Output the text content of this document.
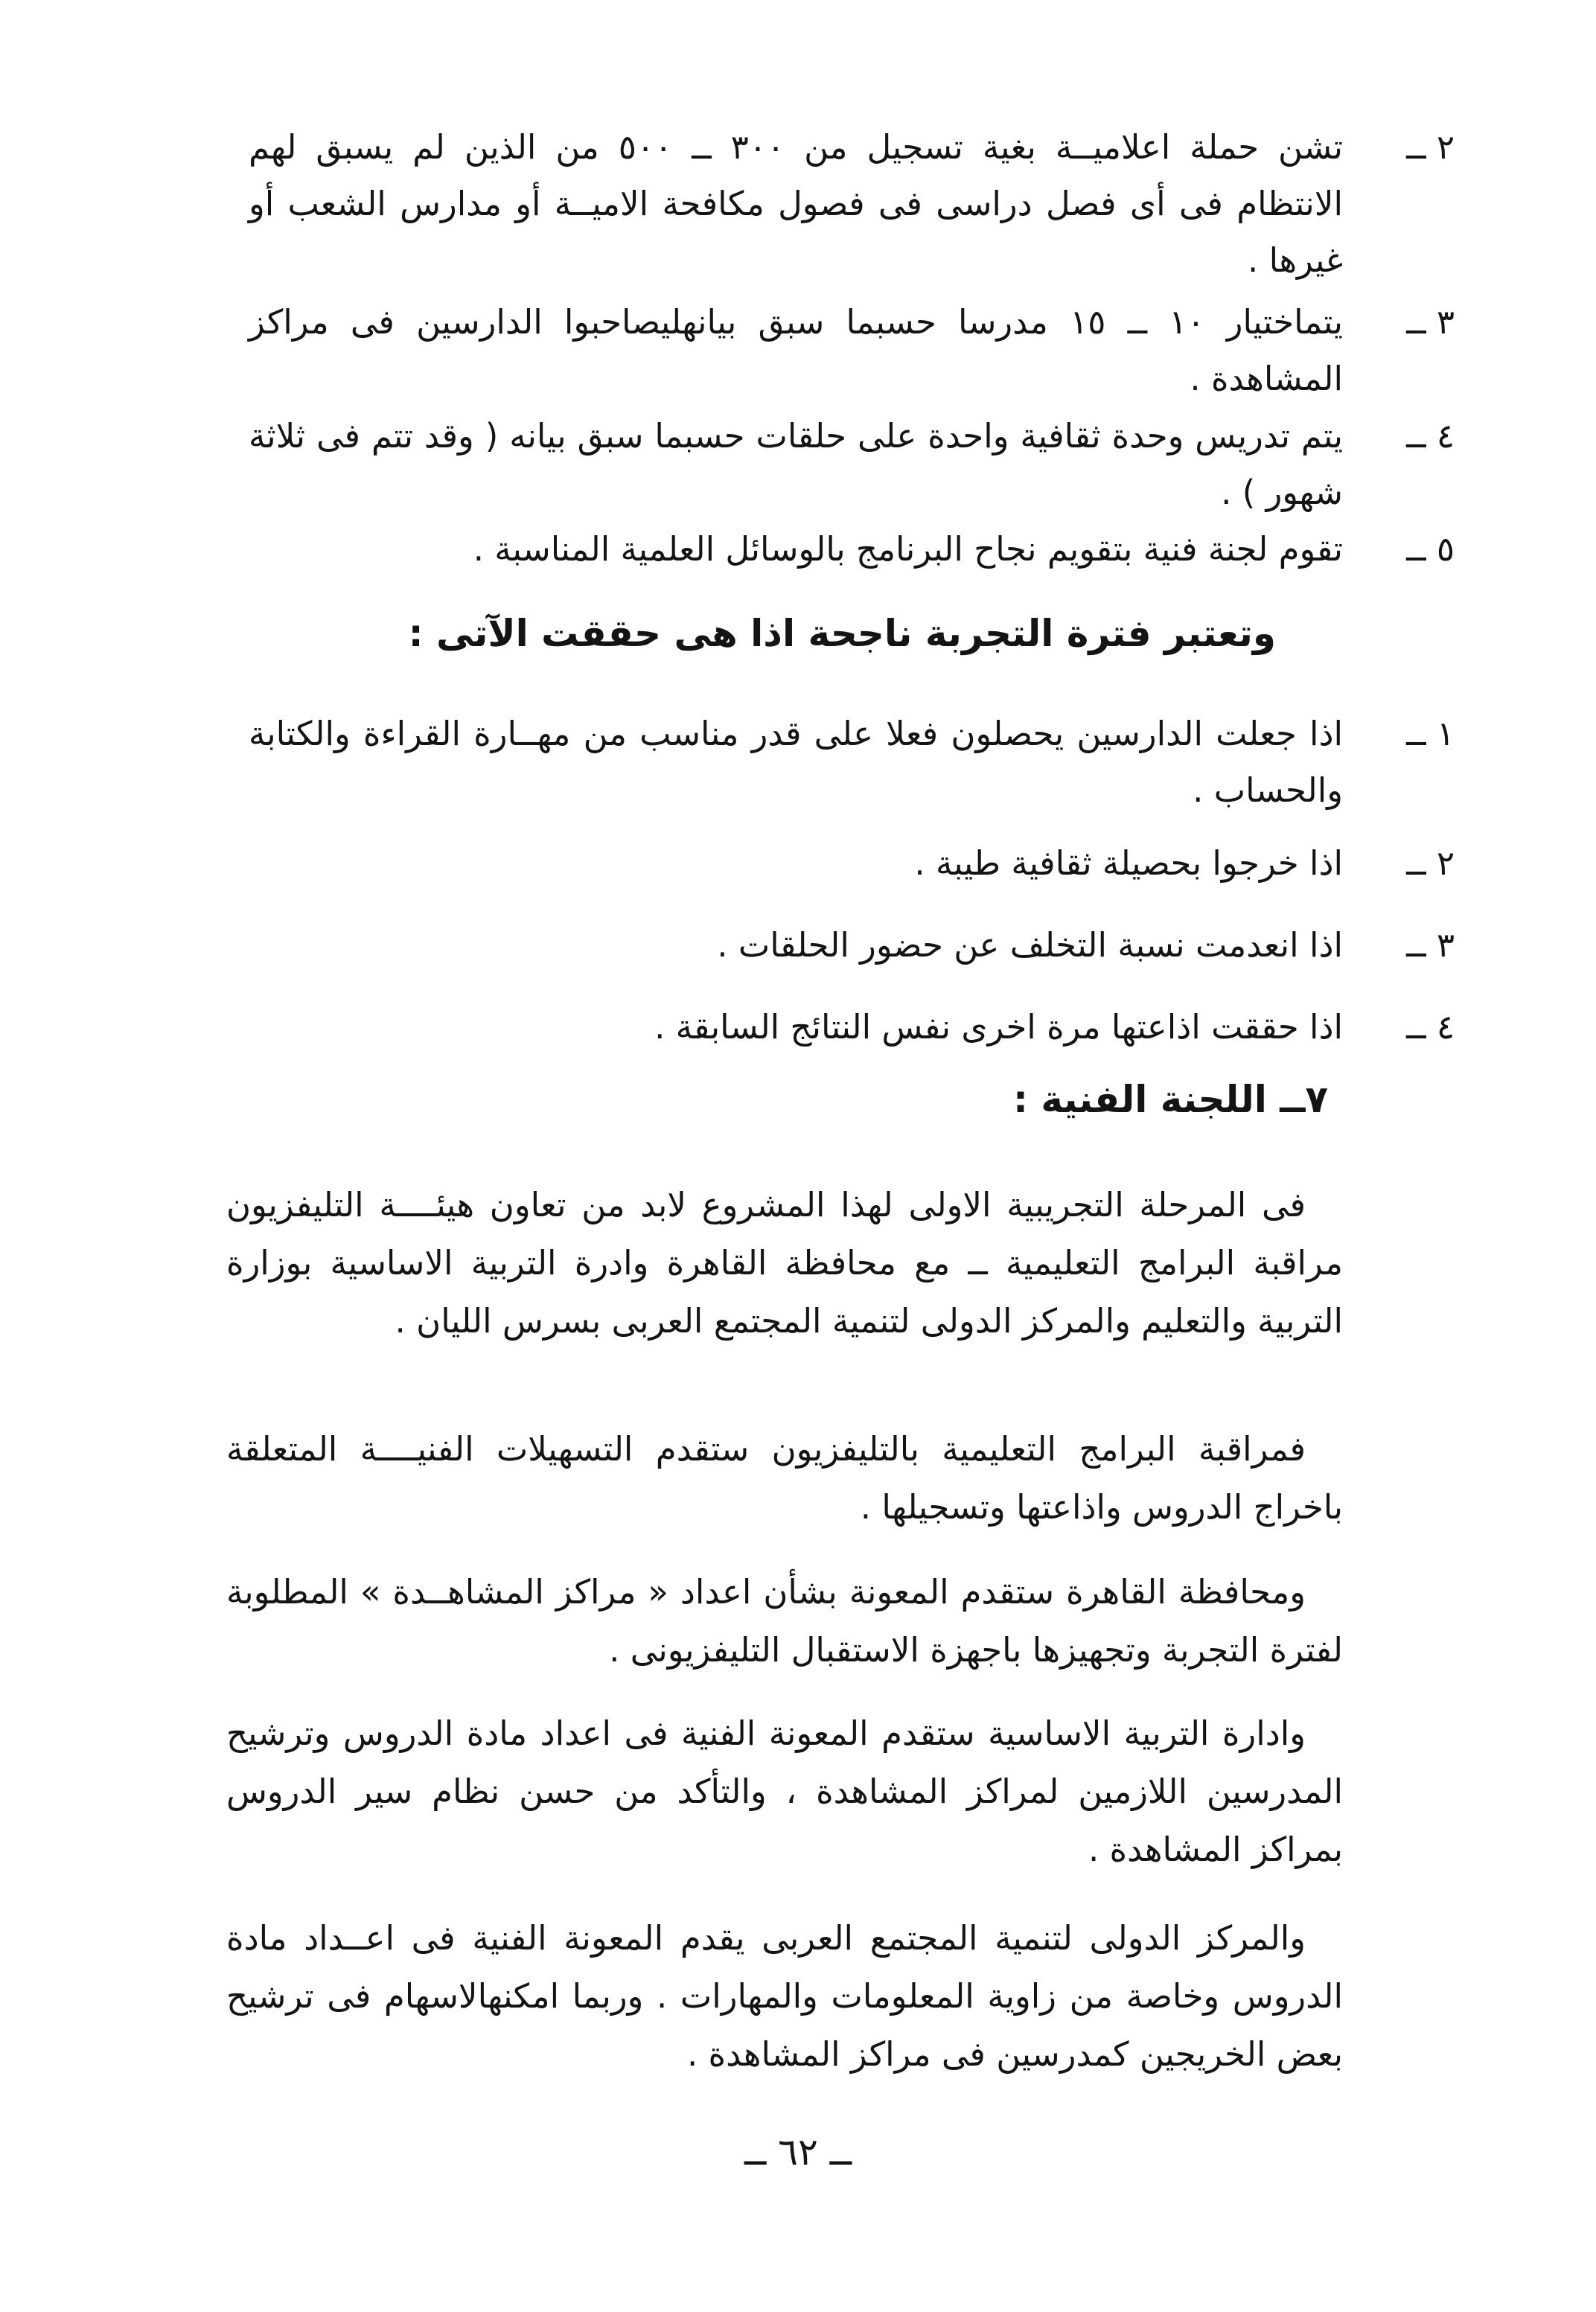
٢ ــ
تشن حملة اعلاميــة بغية تسجيل من ٣٠٠ ــ ٥٠٠ من الذين لم يسبق لهم الانتظام فى أى فصل دراسى فى فصول مكافحة الاميــة أو مدارس الشعب أو غيرها .
٣ ــ
يتماختيار ١٠ ــ ١٥ مدرسا حسبما سبق بيانهليصاحبوا الدارسين فى مراكز المشاهدة .
٤ ــ
يتم تدريس وحدة ثقافية واحدة على حلقات حسبما سبق بيانه ( وقد تتم فى ثلاثة شهور ) .
٥ ــ
تقوم لجنة فنية بتقويم نجاح البرنامج بالوسائل العلمية المناسبة .
وتعتبر فترة التجربة ناجحة اذا هى حققت الآتى :
١ ــ
اذا جعلت الدارسين يحصلون فعلا على قدر مناسب من مهــارة القراءة والكتابة والحساب .
٢ ــ
اذا خرجوا بحصيلة ثقافية طيبة .
٣ ــ
اذا انعدمت نسبة التخلف عن حضور الحلقات .
٤ ــ
اذا حققت اذاعتها مرة اخرى نفس النتائج السابقة .
٧ــ اللجنة الفنية :
فى المرحلة التجريبية الاولى لهذا المشروع لابد من تعاون هيئــــة التليفزيون مراقبة البرامج التعليمية ــ مع محافظة القاهرة وادرة التربية الاساسية بوزارة التربية والتعليم والمركز الدولى لتنمية المجتمع العربى بسرس الليان .
فمراقبة البرامج التعليمية بالتليفزيون ستقدم التسهيلات الفنيــــة المتعلقة باخراج الدروس واذاعتها وتسجيلها .
ومحافظة القاهرة ستقدم المعونة بشأن اعداد « مراكز المشاهــدة » المطلوبة لفترة التجربة وتجهيزها باجهزة الاستقبال التليفزيونى .
وادارة التربية الاساسية ستقدم المعونة الفنية فى اعداد مادة الدروس وترشيح المدرسين اللازمين لمراكز المشاهدة ، والتأكد من حسن نظام سير الدروس بمراكز المشاهدة .
والمركز الدولى لتنمية المجتمع العربى يقدم المعونة الفنية فى اعــداد مادة الدروس وخاصة من زاوية المعلومات والمهارات . وربما امكنهالاسهام فى ترشيح بعض الخريجين كمدرسين فى مراكز المشاهدة .
ــ ٦٢ ــ
